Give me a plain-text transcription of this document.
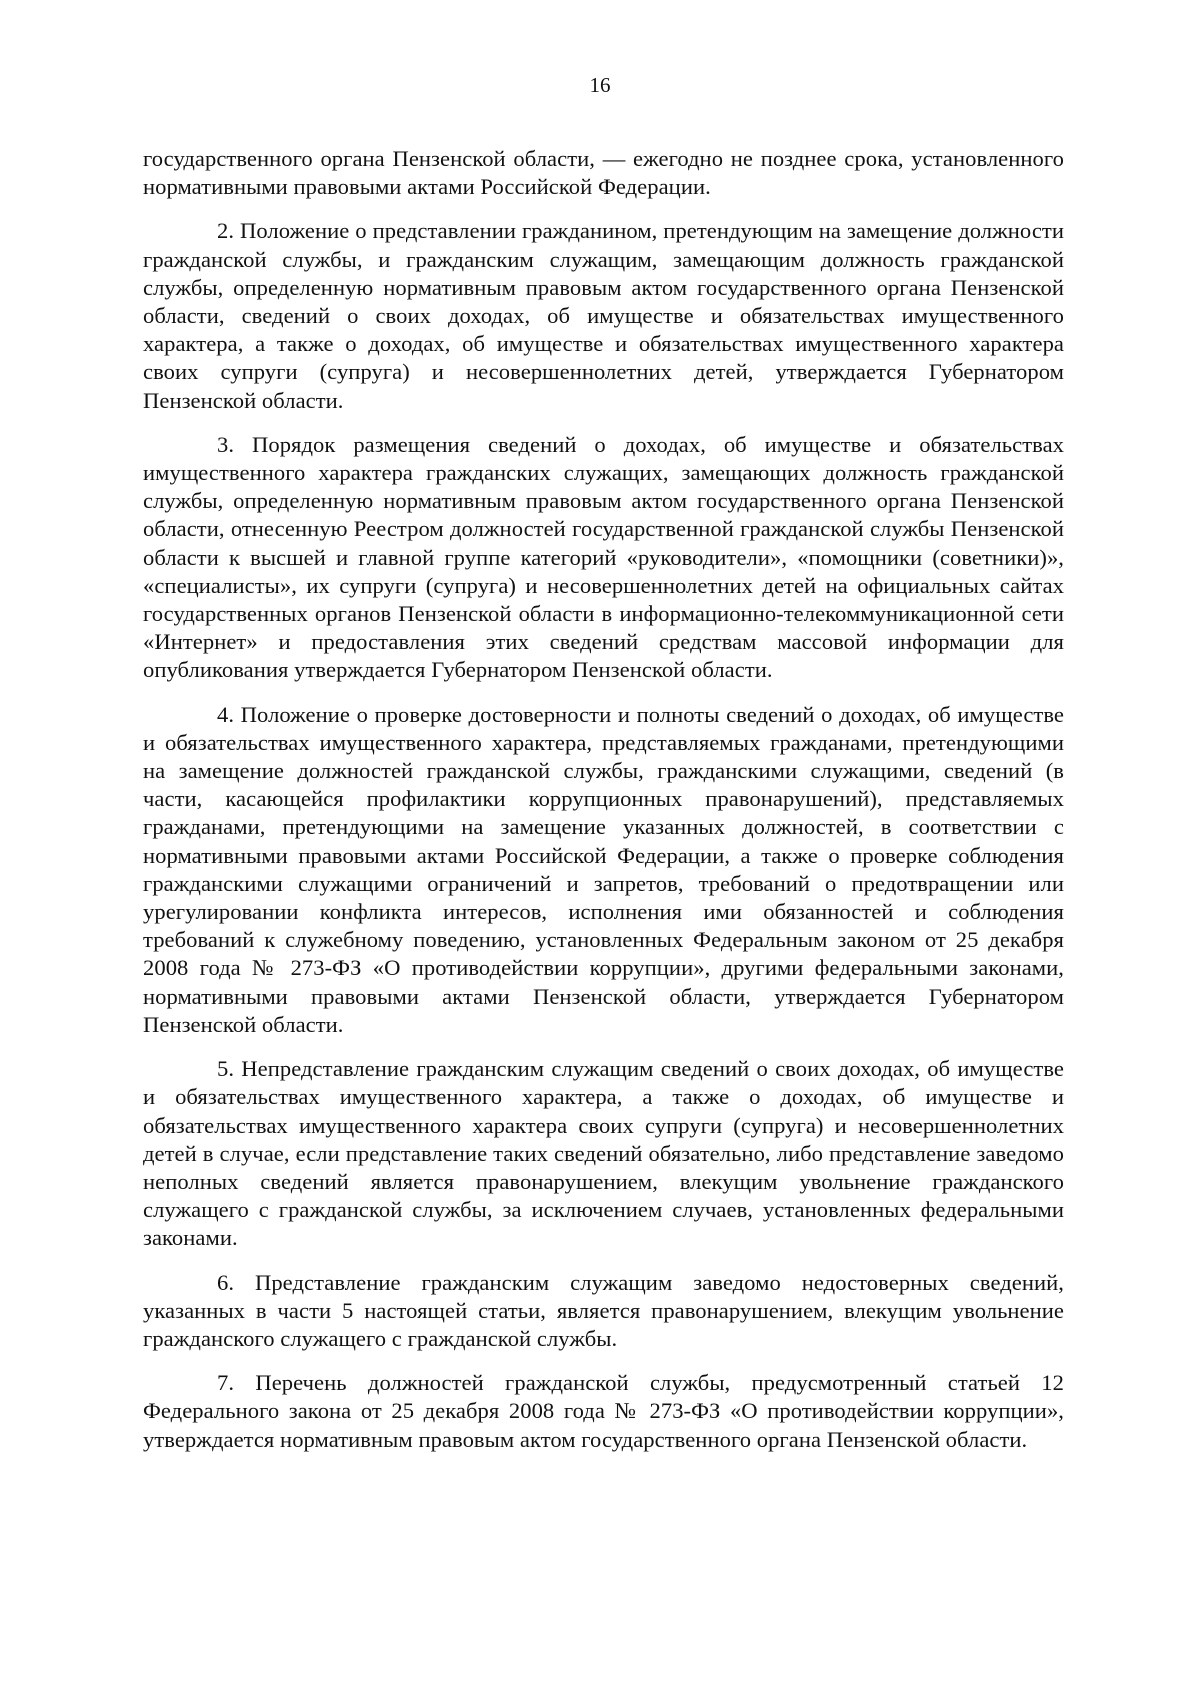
16

государственного органа Пензенской области, — ежегодно не позднее срока, установленного нормативными правовыми актами Российской Федерации.

2. Положение о представлении гражданином, претендующим на замещение должности гражданской службы, и гражданским служащим, замещающим должность гражданской службы, определенную нормативным правовым актом государственного органа Пензенской области, сведений о своих доходах, об имуществе и обязательствах имущественного характера, а также о доходах, об имуществе и обязательствах имущественного характера своих супруги (супруга) и несовершеннолетних детей, утверждается Губернатором Пензенской области.

3. Порядок размещения сведений о доходах, об имуществе и обязательствах имущественного характера гражданских служащих, замещающих должность гражданской службы, определенную нормативным правовым актом государственного органа Пензенской области, отнесенную Реестром должностей государственной гражданской службы Пензенской области к высшей и главной группе категорий «руководители», «помощники (советники)», «специалисты», их супруги (супруга) и несовершеннолетних детей на официальных сайтах государственных органов Пензенской области в информационно-телекоммуникационной сети «Интернет» и предоставления этих сведений средствам массовой информации для опубликования утверждается Губернатором Пензенской области.

4. Положение о проверке достоверности и полноты сведений о доходах, об имуществе и обязательствах имущественного характера, представляемых гражданами, претендующими на замещение должностей гражданской службы, гражданскими служащими, сведений (в части, касающейся профилактики коррупционных правонарушений), представляемых гражданами, претендующими на замещение указанных должностей, в соответствии с нормативными правовыми актами Российской Федерации, а также о проверке соблюдения гражданскими служащими ограничений и запретов, требований о предотвращении или урегулировании конфликта интересов, исполнения ими обязанностей и соблюдения требований к служебному поведению, установленных Федеральным законом от 25 декабря 2008 года № 273-ФЗ «О противодействии коррупции», другими федеральными законами, нормативными правовыми актами Пензенской области, утверждается Губернатором Пензенской области.

5. Непредставление гражданским служащим сведений о своих доходах, об имуществе и обязательствах имущественного характера, а также о доходах, об имуществе и обязательствах имущественного характера своих супруги (супруга) и несовершеннолетних детей в случае, если представление таких сведений обязательно, либо представление заведомо неполных сведений является правонарушением, влекущим увольнение гражданского служащего с гражданской службы, за исключением случаев, установленных федеральными законами.

6. Представление гражданским служащим заведомо недостоверных сведений, указанных в части 5 настоящей статьи, является правонарушением, влекущим увольнение гражданского служащего с гражданской службы.

7. Перечень должностей гражданской службы, предусмотренный статьей 12 Федерального закона от 25 декабря 2008 года № 273-ФЗ «О противодействии коррупции», утверждается нормативным правовым актом государственного органа Пензенской области.
